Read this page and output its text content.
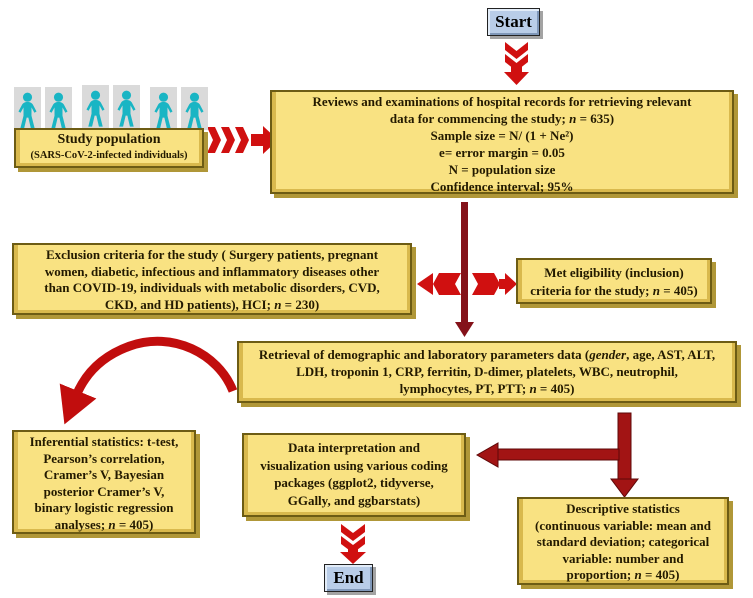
Start
Study population
(SARS-CoV-2-infected individuals)
Reviews and examinations of hospital records for retrieving relevant
data for commencing the study; n = 635)
Sample size = N/ (1 + Ne²)
e= error margin = 0.05
N = population size
Confidence interval; 95%
Exclusion criteria for the study ( Surgery patients, pregnant
women, diabetic, infectious and inflammatory diseases other
than COVID-19, individuals with metabolic disorders, CVD,
CKD, and HD patients), HCI; n = 230)
Met eligibility (inclusion)
criteria for the study; n = 405)
Retrieval of demographic and laboratory parameters data (gender, age, AST, ALT,
LDH, troponin 1, CRP, ferritin, D-dimer, platelets, WBC, neutrophil,
lymphocytes, PT, PTT; n = 405)
Inferential statistics: t-test,
Pearson’s correlation,
Cramer’s V, Bayesian
posterior Cramer’s V,
binary logistic regression
analyses; n = 405)
Data interpretation and
visualization using various coding
packages (ggplot2, tidyverse,
GGally, and ggbarstats)
Descriptive statistics
(continuous variable: mean and
standard deviation; categorical
variable: number and
proportion; n = 405)
End
